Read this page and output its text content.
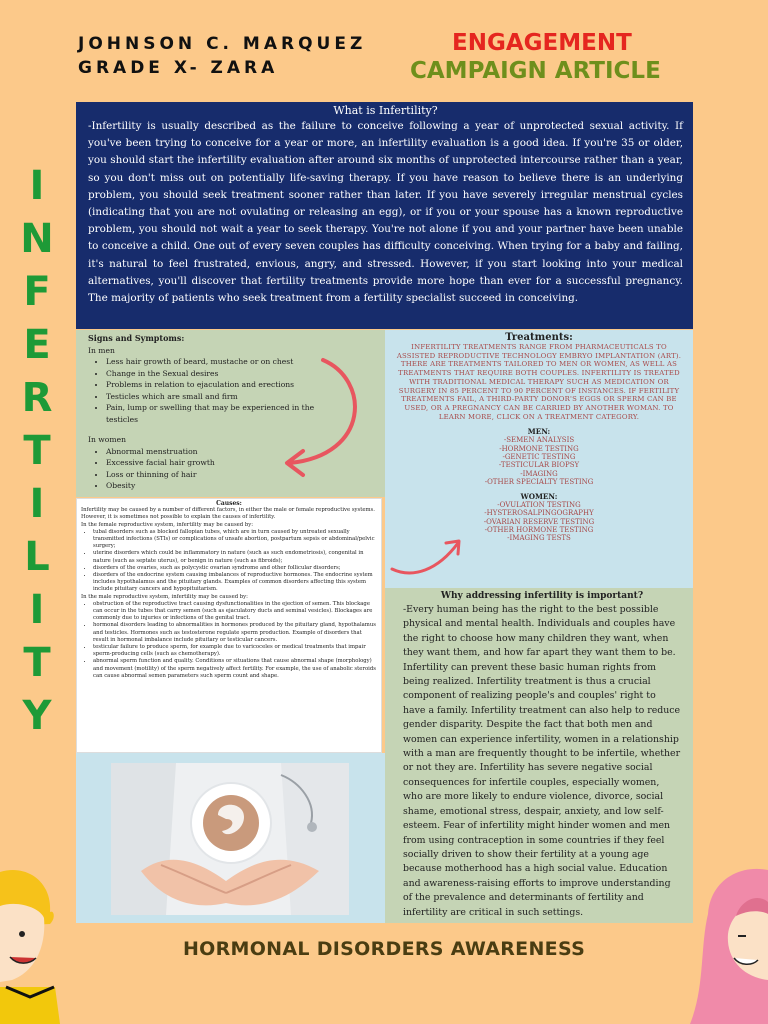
JOHNSON C. MARQUEZ
GRADE X- ZARA
ENGAGEMENT
CAMPAIGN ARTICLE
I
N
F
E
R
T
I
L
I
T
Y
What is Infertility?
-Infertility is usually described as the failure to conceive following a year of unprotected sexual activity. If you've been trying to conceive for a year or more, an infertility evaluation is a good idea. If you're 35 or older, you should start the infertility evaluation after around six months of unprotected intercourse rather than a year, so you don't miss out on potentially life-saving therapy. If you have reason to believe there is an underlying problem, you should seek treatment sooner rather than later. If you have severely irregular menstrual cycles (indicating that you are not ovulating or releasing an egg), or if you or your spouse has a known reproductive problem, you should not wait a year to seek therapy. You're not alone if you and your partner have been unable to conceive a child. One out of every seven couples has difficulty conceiving. When trying for a baby and failing, it's natural to feel frustrated, envious, angry, and stressed. However, if you start looking into your medical alternatives, you'll discover that fertility treatments provide more hope than ever for a successful pregnancy. The majority of patients who seek treatment from a fertility specialist succeed in conceiving.
Signs and Symptoms:
In men
• Less hair growth of beard, mustache or on chest
• Change in the Sexual desires
• Problems in relation to ejaculation and erections
• Testicles which are small and firm
• Pain, lump or swelling that may be experienced in the testicles
In women
• Abnormal menstruation
• Excessive facial hair growth
• Loss or thinning of hair
• Obesity
Treatments:
INFERTILITY TREATMENTS RANGE FROM PHARMACEUTICALS TO ASSISTED REPRODUCTIVE TECHNOLOGY EMBRYO IMPLANTATION (ART). THERE ARE TREATMENTS TAILORED TO MEN OR WOMEN, AS WELL AS TREATMENTS THAT REQUIRE BOTH COUPLES. INFERTILITY IS TREATED WITH TRADITIONAL MEDICAL THERAPY SUCH AS MEDICATION OR SURGERY IN 85 PERCENT TO 90 PERCENT OF INSTANCES. IF FERTILITY TREATMENTS FAIL, A THIRD-PARTY DONOR'S EGGS OR SPERM CAN BE USED, OR A PREGNANCY CAN BE CARRIED BY ANOTHER WOMAN. TO LEARN MORE, CLICK ON A TREATMENT CATEGORY.
MEN:
-SEMEN ANALYSIS
-HORMONE TESTING
-GENETIC TESTING
-TESTICULAR BIOPSY
-IMAGING
-OTHER SPECIALTY TESTING
WOMEN:
-OVULATION TESTING
-HYSTEROSALPINGOGRAPHY
-OVARIAN RESERVE TESTING
-OTHER HORMONE TESTING
-IMAGING TESTS
Causes:
Infertility may be caused by a number of different factors, in either the male or female reproductive systems. However, it is sometimes not possible to explain the causes of infertility.
In the female reproductive system, infertility may be caused by:
• tubal disorders such as blocked fallopian tubes, which are in turn caused by untreated sexually transmitted infections (STIs) or complications of unsafe abortion, postpartum sepsis or abdominal/pelvic surgery;
• uterine disorders which could be inflammatory in nature (such as such endometriosis), congenital in nature (such as septate uterus), or benign in nature (such as fibroids);
• disorders of the ovaries, such as polycystic ovarian syndrome and other follicular disorders;
• disorders of the endocrine system causing imbalances of reproductive hormones. The endocrine system includes hypothalamus and the pituitary glands. Examples of common disorders affecting this system include pituitary cancers and hypopituitarism.
In the male reproductive system, infertility may be caused by:
• obstruction of the reproductive tract causing dysfunctionalities in the ejection of semen. This blockage can occur in the tubes that carry semen (such as ejaculatory ducts and seminal vesicles). Blockages are commonly due to injuries or infections of the genital tract.
• hormonal disorders leading to abnormalities in hormones produced by the pituitary gland, hypothalamus and testicles. Hormones such as testosterone regulate sperm production. Example of disorders that result in hormonal imbalance include pituitary or testicular cancers.
• testicular failure to produce sperm, for example due to varicoceles or medical treatments that impair sperm-producing cells (such as chemotherapy).
• abnormal sperm function and quality. Conditions or situations that cause abnormal shape (morphology) and movement (motility) of the sperm negatively affect fertility. For example, the use of anabolic steroids can cause abnormal semen parameters such sperm count and shape.
Why addressing infertility is important?
-Every human being has the right to the best possible physical and mental health. Individuals and couples have the right to choose how many children they want, when they want them, and how far apart they want them to be. Infertility can prevent these basic human rights from being realized. Infertility treatment is thus a crucial component of realizing people's and couples' right to have a family. Infertility treatment can also help to reduce gender disparity. Despite the fact that both men and women can experience infertility, women in a relationship with a man are frequently thought to be infertile, whether or not they are. Infertility has severe negative social consequences for infertile couples, especially women, who are more likely to endure violence, divorce, social shame, emotional stress, despair, anxiety, and low self-esteem. Fear of infertility might hinder women and men from using contraception in some countries if they feel socially driven to show their fertility at a young age because motherhood has a high social value. Education and awareness-raising efforts to improve understanding of the prevalence and determinants of fertility and infertility are critical in such settings.
HORMONAL DISORDERS AWARENESS
